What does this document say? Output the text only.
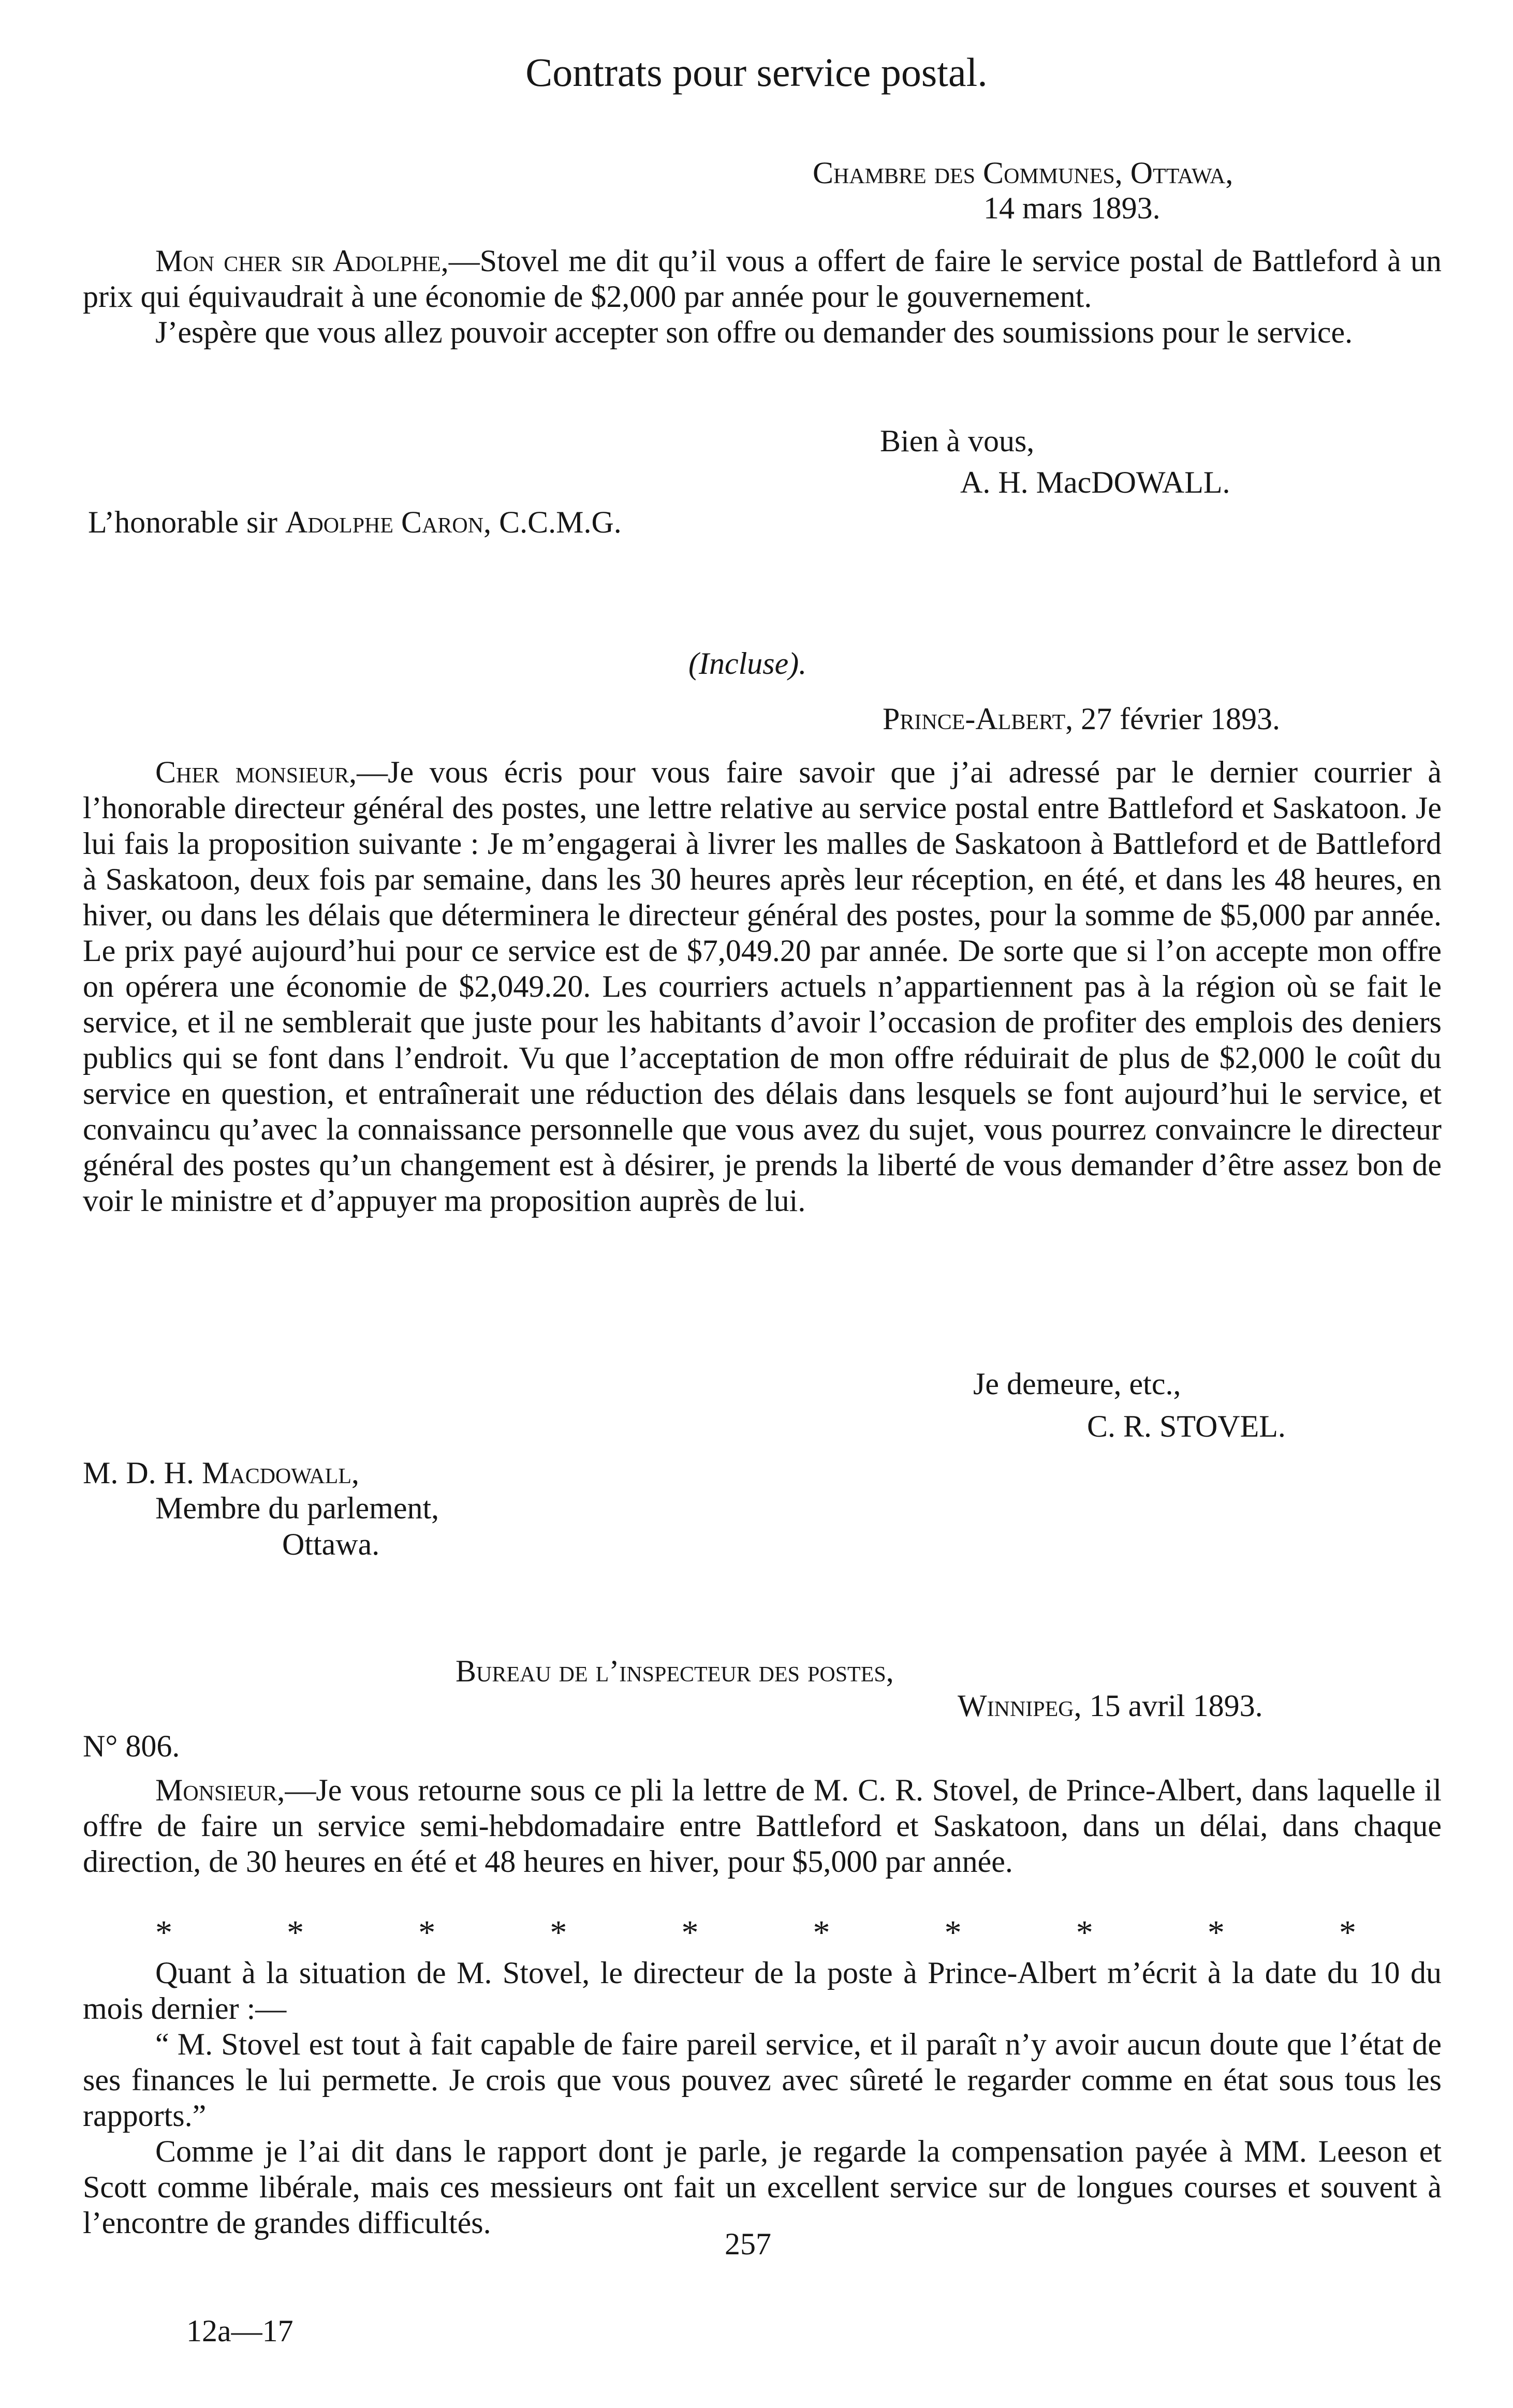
Contrats pour service postal.
Chambre des Communes, Ottawa,
14 mars 1893.

Mon cher sir Adolphe,—Stovel me dit qu’il vous a offert de faire le service postal de Battleford à un prix qui équivaudrait à une économie de $2,000 par année pour le gouvernement.

J’espère que vous allez pouvoir accepter son offre ou demander des soumissions pour le service.

Bien à vous,
A. H. MacDOWALL.
L’honorable sir Adolphe Caron, C.C.M.G.
(Incluse).
Prince-Albert, 27 février 1893.

Cher monsieur,—Je vous écris pour vous faire savoir que j’ai adressé par le dernier courrier à l’honorable directeur général des postes, une lettre relative au service postal entre Battleford et Saskatoon. Je lui fais la proposition suivante : Je m’engagerai à livrer les malles de Saskatoon à Battleford et de Battleford à Saskatoon, deux fois par semaine, dans les 30 heures après leur réception, en été, et dans les 48 heures, en hiver, ou dans les délais que déterminera le directeur général des postes, pour la somme de $5,000 par année. Le prix payé aujourd’hui pour ce service est de $7,049.20 par année. De sorte que si l’on accepte mon offre on opérera une économie de $2,049.20. Les courriers actuels n’appartiennent pas à la région où se fait le service, et il ne semblerait que juste pour les habitants d’avoir l’occasion de profiter des emplois des deniers publics qui se font dans l’endroit. Vu que l’acceptation de mon offre réduirait de plus de $2,000 le coût du service en question, et entraînerait une réduction des délais dans lesquels se font aujourd’hui le service, et convaincu qu’avec la connaissance personnelle que vous avez du sujet, vous pourrez convaincre le directeur général des postes qu’un changement est à désirer, je prends la liberté de vous demander d’être assez bon de voir le ministre et d’appuyer ma proposition auprès de lui.

Je demeure, etc.,
C. R. STOVEL.
M. D. H. Macdowall,
Membre du parlement,
Ottawa.
Bureau de l’inspecteur des postes,
Winnipeg, 15 avril 1893.
N° 806.

Monsieur,—Je vous retourne sous ce pli la lettre de M. C. R. Stovel, de Prince-Albert, dans laquelle il offre de faire un service semi-hebdomadaire entre Battleford et Saskatoon, dans un délai, dans chaque direction, de 30 heures en été et 48 heures en hiver, pour $5,000 par année.

*	*	*	*	*	*	*	*	*	*

Quant à la situation de M. Stovel, le directeur de la poste à Prince-Albert m’écrit à la date du 10 du mois dernier :—

“ M. Stovel est tout à fait capable de faire pareil service, et il paraît n’y avoir aucun doute que l’état de ses finances le lui permette. Je crois que vous pouvez avec sûreté le regarder comme en état sous tous les rapports.”

Comme je l’ai dit dans le rapport dont je parle, je regarde la compensation payée à MM. Leeson et Scott comme libérale, mais ces messieurs ont fait un excellent service sur de longues courses et souvent à l’encontre de grandes difficultés.

257
12a—17
